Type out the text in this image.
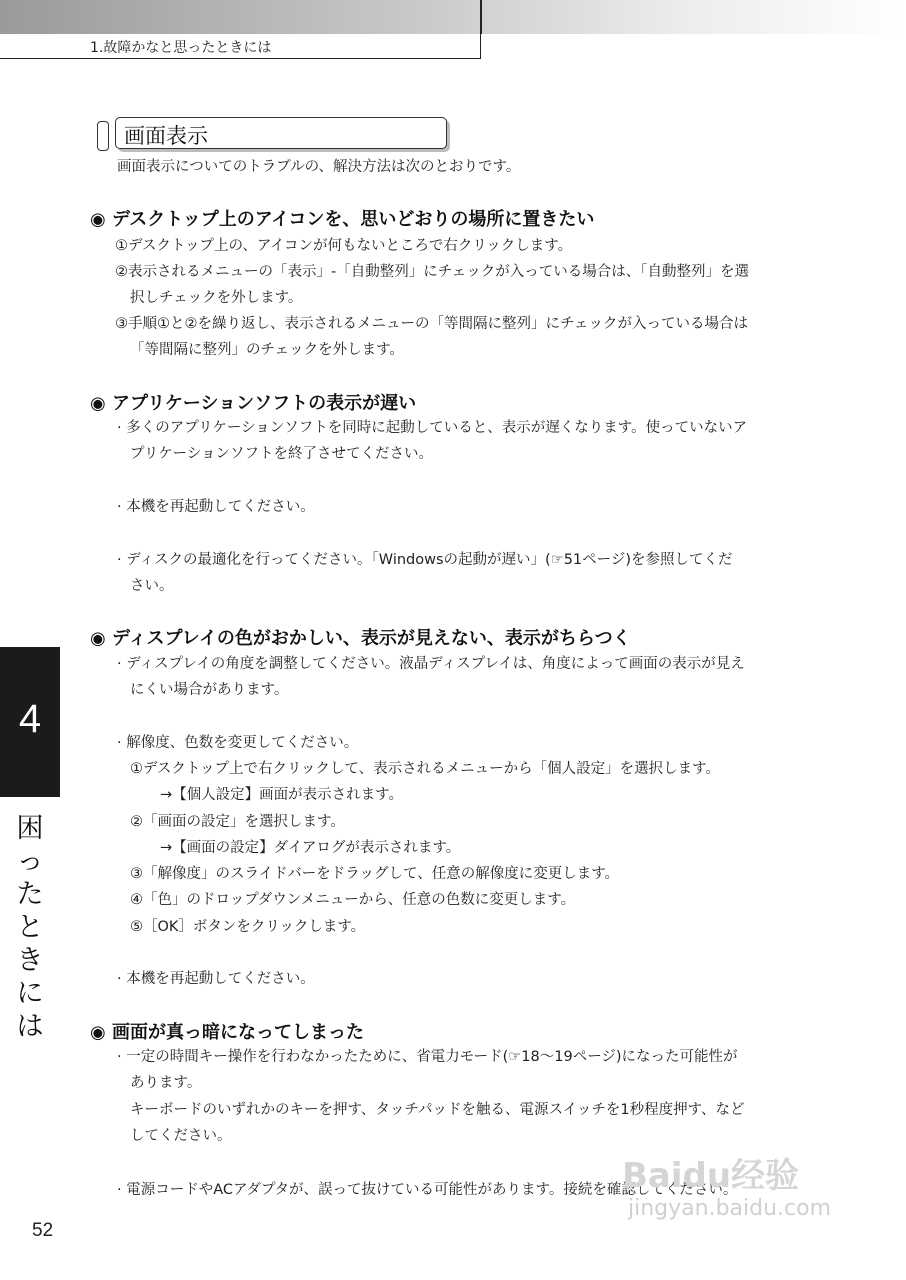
1.故障かなと思ったときには
画面表示
画面表示についてのトラブルの、解決方法は次のとおりです。
◉ デスクトップ上のアイコンを、思いどおりの場所に置きたい
①デスクトップ上の、アイコンが何もないところで右クリックします。
②表示されるメニューの「表示」-「自動整列」にチェックが入っている場合は、「自動整列」を選
択しチェックを外します。
③手順①と②を繰り返し、表示されるメニューの「等間隔に整列」にチェックが入っている場合は
「等間隔に整列」のチェックを外します。
◉ アプリケーションソフトの表示が遅い
· 多くのアプリケーションソフトを同時に起動していると、表示が遅くなります。使っていないア
プリケーションソフトを終了させてください。
· 本機を再起動してください。
· ディスクの最適化を行ってください。「Windowsの起動が遅い」(☞51ページ)を参照してくだ
さい。
◉ ディスプレイの色がおかしい、表示が見えない、表示がちらつく
· ディスプレイの角度を調整してください。液晶ディスプレイは、角度によって画面の表示が見え
にくい場合があります。
· 解像度、色数を変更してください。
①デスクトップ上で右クリックして、表示されるメニューから「個人設定」を選択します。
→【個人設定】画面が表示されます。
②「画面の設定」を選択します。
→【画面の設定】ダイアログが表示されます。
③「解像度」のスライドバーをドラッグして、任意の解像度に変更します。
④「色」のドロップダウンメニューから、任意の色数に変更します。
⑤［OK］ボタンをクリックします。
· 本機を再起動してください。
◉ 画面が真っ暗になってしまった
· 一定の時間キー操作を行わなかったために、省電力モード(☞18～19ページ)になった可能性が
あります。
キーボードのいずれかのキーを押す、タッチパッドを触る、電源スイッチを1秒程度押す、など
してください。
· 電源コードやACアダプタが、誤って抜けている可能性があります。接続を確認してください。
4
困ったときには
52
Baidu经验
jingyan.baidu.com
